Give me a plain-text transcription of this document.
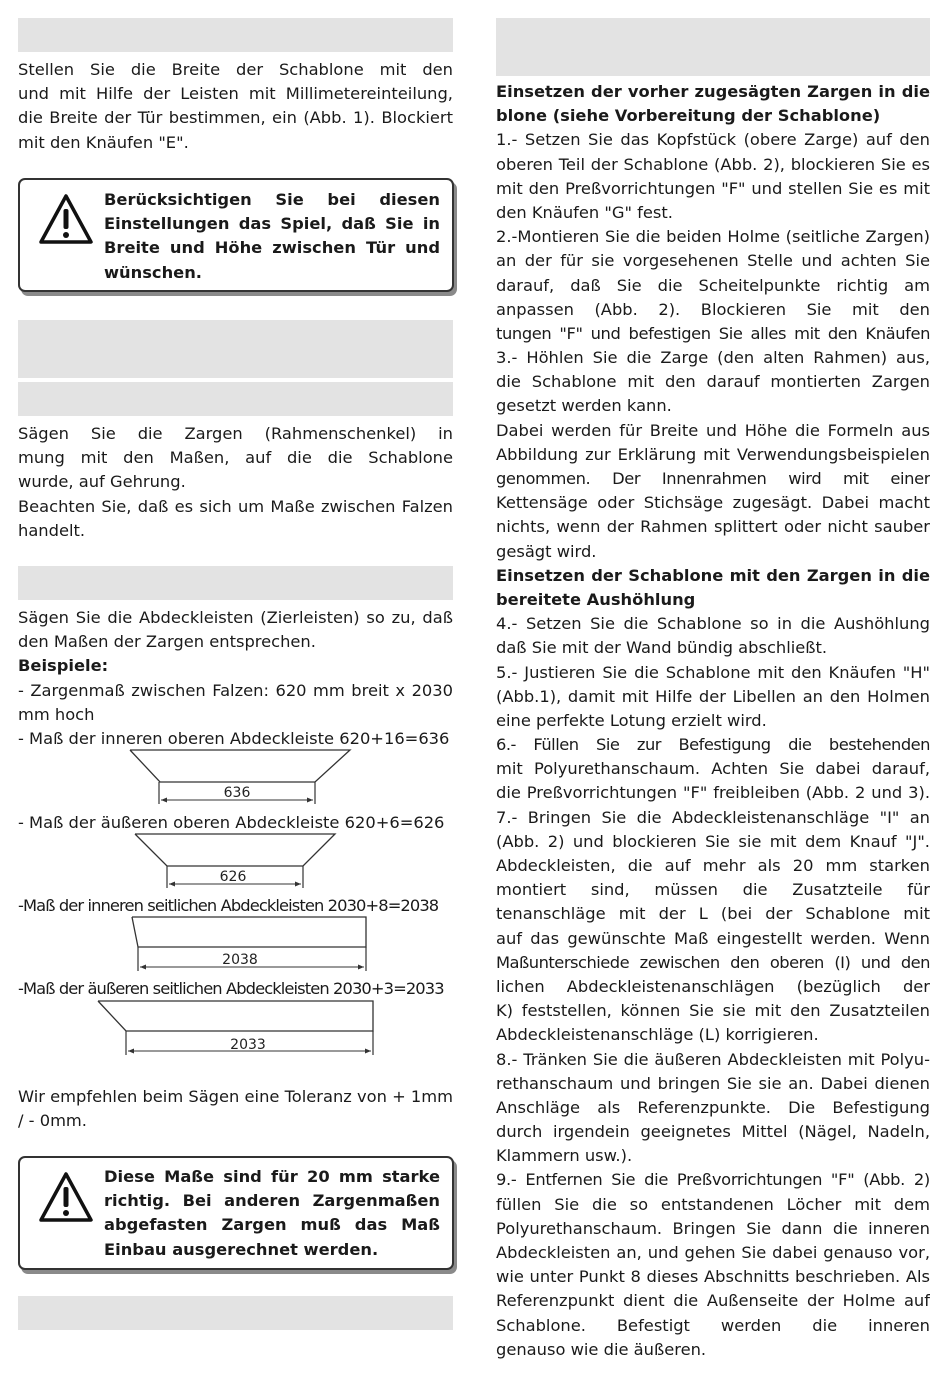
Stellen Sie die Breite der Schablone mit den
und mit Hilfe der Leisten mit Millimetereinteilung,
die Breite der Tür bestimmen, ein (Abb. 1). Blockiert
mit den Knäufen "E".
Berücksichtigen Sie bei diesen
Einstellungen das Spiel, daß Sie in
Breite und Höhe zwischen Tür und
wünschen.
Sägen Sie die Zargen (Rahmenschenkel) in
mung mit den Maßen, auf die die Schablone
wurde, auf Gehrung.
Beachten Sie, daß es sich um Maße zwischen Falzen
handelt.
Sägen Sie die Abdeckleisten (Zierleisten) so zu, daß
den Maßen der Zargen entsprechen.
Beispiele:
- Zargenmaß zwischen Falzen: 620 mm breit x 2030
mm hoch
- Maß der inneren oberen Abdeckleiste 620+16=636
636
- Maß der äußeren oberen Abdeckleiste 620+6=626
626
-Maß der inneren seitlichen Abdeckleisten 2030+8=2038
2038
-Maß der äußeren seitlichen Abdeckleisten 2030+3=2033
2033
Wir empfehlen beim Sägen eine Toleranz von + 1mm
/ - 0mm.
Diese Maße sind für 20 mm starke
richtig. Bei anderen Zargenmaßen
abgefasten Zargen muß das Maß
Einbau ausgerechnet werden.
Einsetzen der vorher zugesägten Zargen in die
blone (siehe Vorbereitung der Schablone)
1.- Setzen Sie das Kopfstück (obere Zarge) auf den
oberen Teil der Schablone (Abb. 2), blockieren Sie es
mit den Preßvorrichtungen "F" und stellen Sie es mit
den Knäufen "G" fest.
2.-Montieren Sie die beiden Holme (seitliche Zargen)
an der für sie vorgesehenen Stelle und achten Sie
darauf, daß Sie die Scheitelpunkte richtig am
anpassen (Abb. 2). Blockieren Sie mit den
tungen "F" und befestigen Sie alles mit den Knäufen
3.- Höhlen Sie die Zarge (den alten Rahmen) aus,
die Schablone mit den darauf montierten Zargen
gesetzt werden kann.
Dabei werden für Breite und Höhe die Formeln aus
Abbildung zur Erklärung mit Verwendungsbeispielen
genommen. Der Innenrahmen wird mit einer
Kettensäge oder Stichsäge zugesägt. Dabei macht
nichts, wenn der Rahmen splittert oder nicht sauber
gesägt wird.
Einsetzen der Schablone mit den Zargen in die
bereitete Aushöhlung
4.- Setzen Sie die Schablone so in die Aushöhlung
daß Sie mit der Wand bündig abschließt.
5.- Justieren Sie die Schablone mit den Knäufen "H"
(Abb.1), damit mit Hilfe der Libellen an den Holmen
eine perfekte Lotung erzielt wird.
6.- Füllen Sie zur Befestigung die bestehenden
mit Polyurethanschaum. Achten Sie dabei darauf,
die Preßvorrichtungen "F" freibleiben (Abb. 2 und 3).
7.- Bringen Sie die Abdeckleistenanschläge "I" an
(Abb. 2) und blockieren Sie sie mit dem Knauf "J".
Abdeckleisten, die auf mehr als 20 mm starken
montiert sind, müssen die Zusatzteile für
tenanschläge mit der L (bei der Schablone mit
auf das gewünschte Maß eingestellt werden. Wenn
Maßunterschiede zewischen den oberen (I) und den
lichen Abdeckleistenanschlägen (bezüglich der
K) feststellen, können Sie sie mit den Zusatzteilen
Abdeckleistenanschläge (L) korrigieren.
8.- Tränken Sie die äußeren Abdeckleisten mit Polyu-
rethanschaum und bringen Sie sie an. Dabei dienen
Anschläge als Referenzpunkte. Die Befestigung
durch irgendein geeignetes Mittel (Nägel, Nadeln,
Klammern usw.).
9.- Entfernen Sie die Preßvorrichtungen "F" (Abb. 2)
füllen Sie die so entstandenen Löcher mit dem
Polyurethanschaum. Bringen Sie dann die inneren
Abdeckleisten an, und gehen Sie dabei genauso vor,
wie unter Punkt 8 dieses Abschnitts beschrieben. Als
Referenzpunkt dient die Außenseite der Holme auf
Schablone. Befestigt werden die inneren
genauso wie die äußeren.
